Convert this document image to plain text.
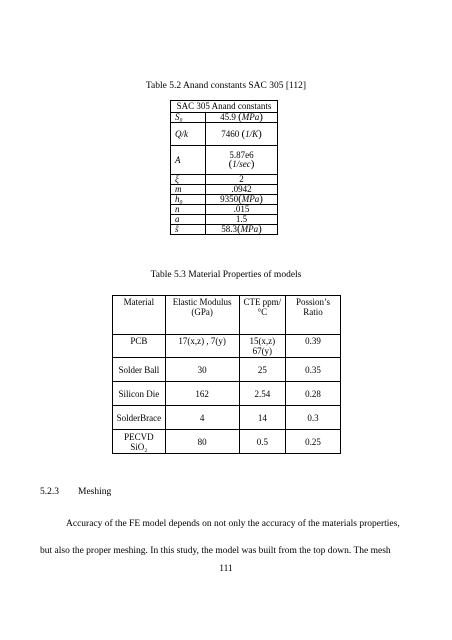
Table 5.2 Anand constants SAC 305 [112]
SAC 305 Anand constants	
S₀	45.9 (MPa)
Q/k	7460 (1/K)
A	5.87e6
(1/sec)
ξ	2
m	.0942
h₀	9350(MPa)
n	.015
a	1.5
ŝ	58.3(MPa)
Table 5.3 Material Properties of models
Material	Elastic Modulus (GPa)	CTE ppm/°C	Possion’s Ratio
PCB	17(x,z) , 7(y)	15(x,z) 67(y)	0.39
Solder Ball	30	25	0.35
Silicon Die	162	2.54	0.28
SolderBrace	4	14	0.3
PECVD SiO₂	80	0.5	0.25
5.2.3 Meshing
Accuracy of the FE model depends on not only the accuracy of the materials properties,
but also the proper meshing. In this study, the model was built from the top down. The mesh
111
